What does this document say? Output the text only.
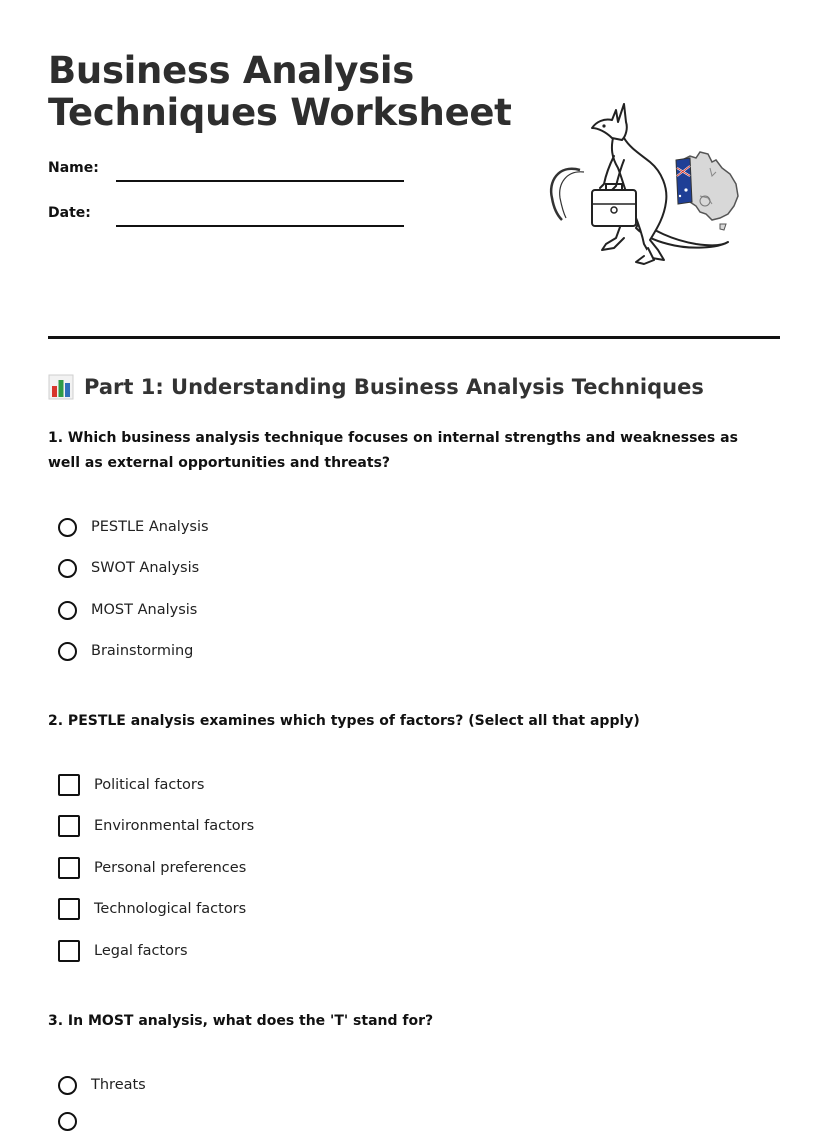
Business Analysis
Techniques Worksheet
Name:
Date:
Part 1: Understanding Business Analysis Techniques

1. Which business analysis technique focuses on internal strengths and weaknesses as well as external opportunities and threats?

PESTLE Analysis
SWOT Analysis
MOST Analysis
Brainstorming

2. PESTLE analysis examines which types of factors? (Select all that apply)

Political factors
Environmental factors
Personal preferences
Technological factors
Legal factors

3. In MOST analysis, what does the 'T' stand for?

Threats
